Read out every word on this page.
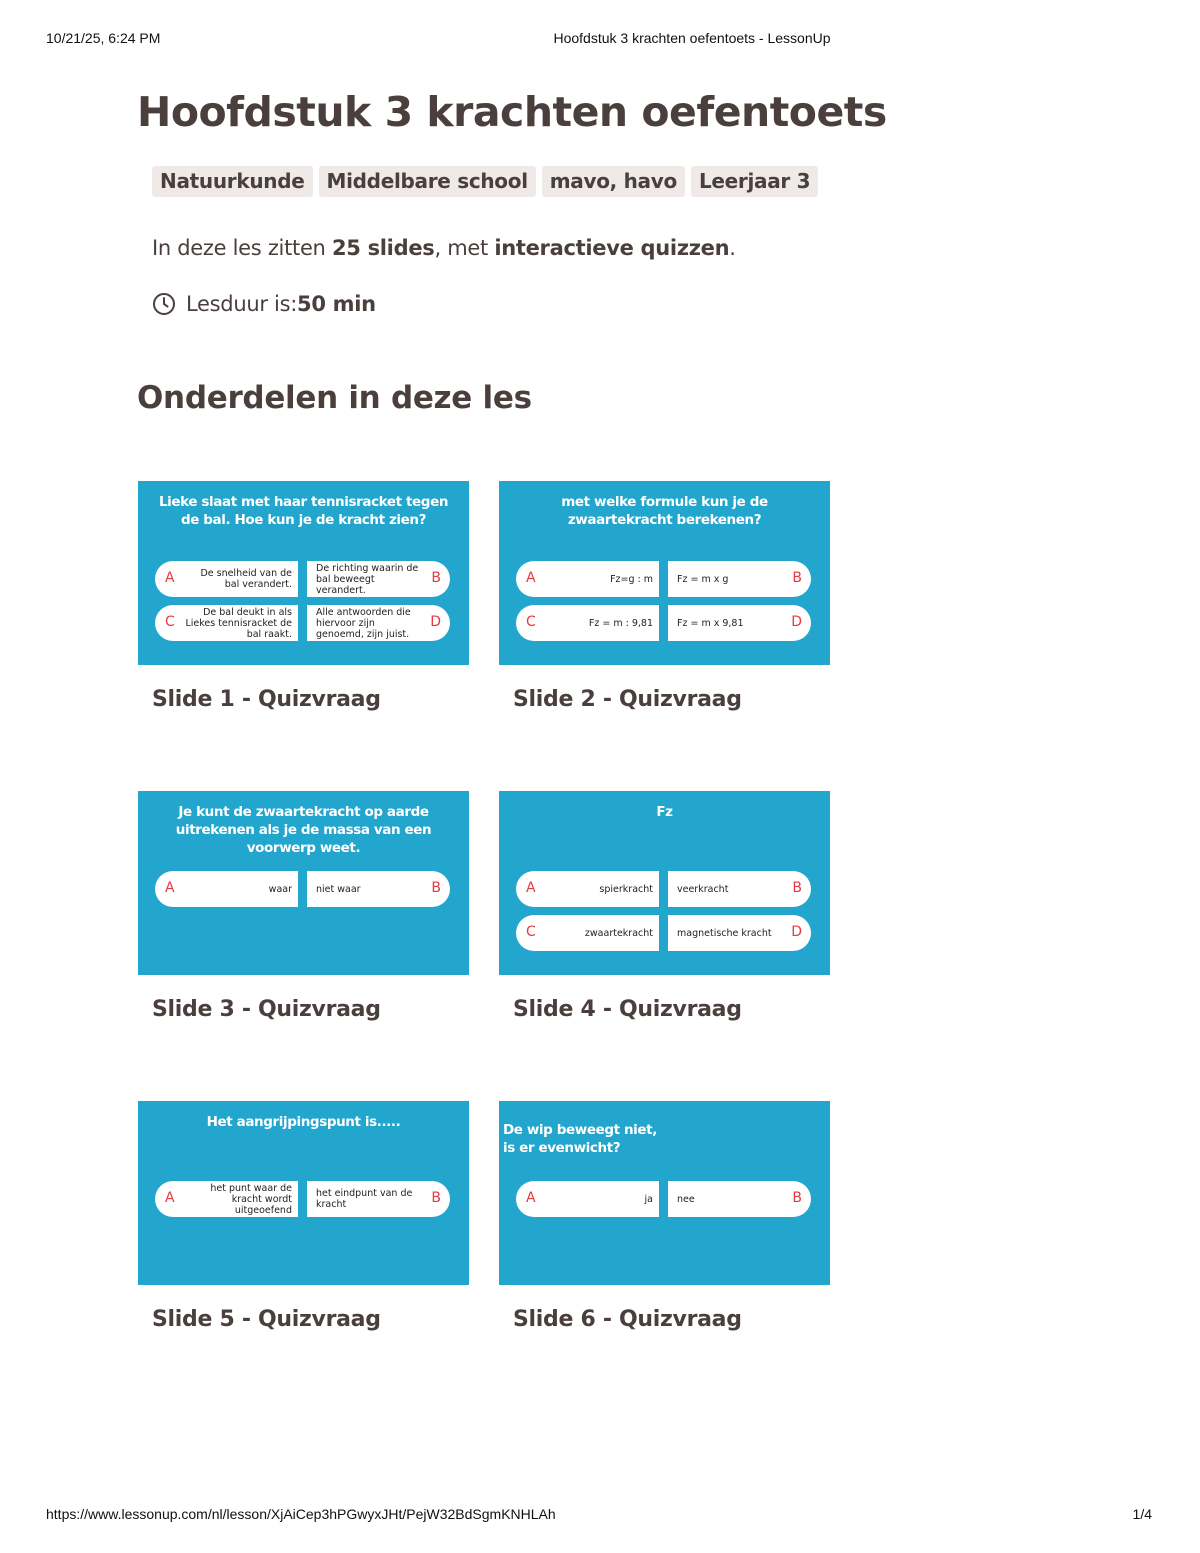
10/21/25, 6:24 PM	Hoofdstuk 3 krachten oefentoets - LessonUp
Hoofdstuk 3 krachten oefentoets
Natuurkunde	Middelbare school	mavo, havo	Leerjaar 3

In deze les zitten 25 slides, met interactieve quizzen.

Lesduur is: 50 min

Onderdelen in deze les
Lieke slaat met haar tennisracket tegen de bal. Hoe kun je de kracht zien?
A	De snelheid van de bal verandert.
De richting waarin de bal beweegt verandert.
B
C
De bal deukt in als Liekes tennisracket de bal raakt.
Alle antwoorden die hiervoor zijn genoemd, zijn juist.
D
Slide 1 - Quizvraag
met welke formule kun je de zwaartekracht berekenen?
A	Fz=g : m	Fz = m x g	B
C	Fz = m : 9,81	Fz = m x 9,81	D
Slide 2 - Quizvraag
Je kunt de zwaartekracht op aarde uitrekenen als je de massa van een voorwerp weet.
A	waar	niet waar	B
Slide 3 - Quizvraag
Fz
A	spierkracht	veerkracht	B
C	zwaartekracht	magnetische kracht D
Slide 4 - Quizvraag
Het aangrijpingspunt is.....
A
het punt waar de kracht wordt uitgeoefend
het eindpunt van de kracht	B
Slide 5 - Quizvraag
De wip beweegt niet,
is er evenwicht?
A	ja	nee	B
Slide 6 - Quizvraag
https://www.lessonup.com/nl/lesson/XjAiCep3hPGwyxJHt/PejW32BdSgmKNHLAh	1/4
